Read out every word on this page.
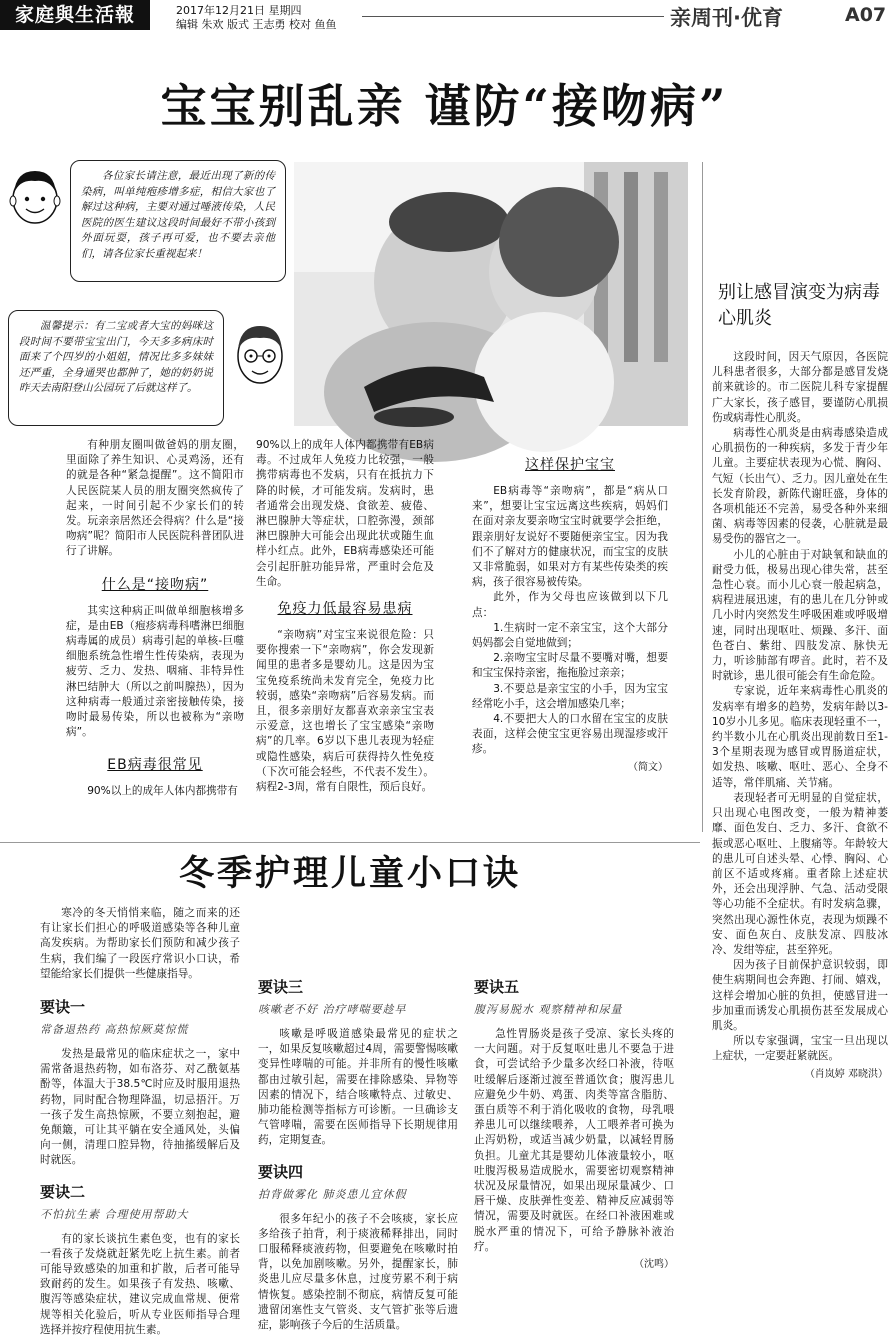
家庭與生活報	2017年12月21日 星期四
编辑 朱欢 版式 王志勇 校对 鱼鱼	亲周刊·优育	A07
宝宝别乱亲 谨防“接吻病”

各位家长请注意，最近出现了新的传染病，叫单纯疱疹增多症，相信大家也了解过这种病，主要对通过唾液传染，人民医院的医生建议这段时间最好不带小孩到外面玩耍，孩子再可爱，也不要去亲他们，请各位家长重视起来！

温馨提示：有二宝或者大宝的妈咪这段时间不要带宝宝出门，今天多多病床时面来了个四岁的小姐姐，情况比多多妹妹还严重，全身通哭也都肿了，她的奶奶说昨天去南阳登山公园玩了后就这样了。

有种朋友圈叫做爸妈的朋友圈，里面除了养生知识、心灵鸡汤，还有的就是各种“紧急提醒”。这不简阳市人民医院某人员的朋友圈突然疯传了起来，一时间引起不少家长们的转发。玩亲亲居然还会得病？什么是“接吻病”呢？简阳市人民医院科普团队进行了讲解。

什么是“接吻病”

其实这种病正叫做单细胞核增多症，是由EB（疱疹病毒科嗜淋巴细胞病毒属的成员）病毒引起的单核-巨噬细胞系统急性增生性传染病，表现为疲劳、乏力、发热、咽痛、非特异性淋巴结肿大（所以之前叫腺热），因为这种病毒一般通过亲密接触传染，接吻时最易传染，所以也被称为“亲吻病”。

EB病毒很常见

90%以上的成年人体内都携带有

90%以上的成年人体内都携带有EB病毒。不过成年人免疫力比较强，一般携带病毒也不发病，只有在抵抗力下降的时候，才可能发病。发病时，患者通常会出现发烧、食欲差、疲倦、淋巴腺肿大等症状，口腔弥漫，颈部淋巴腺肿大可能会出现此状或随生血样小红点。此外，EB病毒感染还可能会引起肝脏功能异常，严重时会危及生命。

免疫力低最容易患病

“亲吻病”对宝宝来说很危险：只要你搜索一下“亲吻病”，你会发现新闻里的患者多是婴幼儿。这是因为宝宝免疫系统尚未发育完全，免疫力比较弱，感染“亲吻病”后容易发病。而且，很多亲朋好友都喜欢亲亲宝宝表示爱意，这也增长了宝宝感染“亲吻病”的几率。6岁以下患儿表现为轻症或隐性感染，病后可获得持久性免疫（下次可能会轻些，不代表不发生）。病程2-3周，常有自限性，预后良好。

这样保护宝宝

EB病毒等“亲吻病”，都是“病从口来”，想要让宝宝远离这些疾病，妈妈们在面对亲友要亲吻宝宝时就要学会拒绝，跟亲朋好友说好不要随便亲宝宝。因为我们不了解对方的健康状况，而宝宝的皮肤又非常脆弱，如果对方有某些传染类的疾病，孩子很容易被传染。

此外，作为父母也应该做到以下几点：

1.生病时一定不亲宝宝，这个大部分妈妈都会自觉地做到；

2.亲吻宝宝时尽量不要嘴对嘴，想要和宝宝保持亲密，拖拖脸过亲亲；

3.不要总是亲宝宝的小手，因为宝宝经常吃小手，这会增加感染几率；

4.不要把大人的口水留在宝宝的皮肤表面，这样会使宝宝更容易出现湿疹或汗疹。

（简文）
别让感冒演变为病毒心肌炎

这段时间，因天气原因，各医院儿科患者很多，大部分都是感冒发烧前来就诊的。市二医院儿科专家提醒广大家长，孩子感冒，要谨防心肌损伤或病毒性心肌炎。

病毒性心肌炎是由病毒感染造成心肌损伤的一种疾病，多发于青少年儿童。主要症状表现为心慌、胸闷、气短（长出气）、乏力。因儿童处在生长发育阶段，新陈代谢旺盛，身体的各项机能还不完善，易受各种外来细菌、病毒等因素的侵袭，心脏就是最易受伤的器官之一。

小儿的心脏由于对缺氧和缺血的耐受力低，极易出现心律失常，甚至急性心衰。而小儿心衰一般起病急，病程进展迅速，有的患儿在几分钟或几小时内突然发生呼吸困难或呼吸增速，同时出现呕吐、烦躁、多汗、面色苍白、紫绀、四肢发凉、脉快无力，听诊肺部有啰音。此时，若不及时就诊，患儿很可能会有生命危险。

专家说，近年来病毒性心肌炎的发病率有增多的趋势，发病年龄以3-10岁小儿多见。临床表现轻重不一，约半数小儿在心肌炎出现前数日至1-3个星期表现为感冒或胃肠道症状，如发热、咳嗽、呕吐、恶心、全身不适等，常伴肌痛、关节痛。

表现轻者可无明显的自觉症状，只出现心电图改变，一般为精神萎靡、面色发白、乏力、多汗、食欲不振或恶心呕吐、上腹痛等。年龄较大的患儿可自述头晕、心悸、胸闷、心前区不适或疼痛。重者除上述症状外，还会出现浮肿、气急、活动受限等心功能不全症状。有时发病急骤，突然出现心源性休克，表现为烦躁不安、面色灰白、皮肤发凉、四肢冰冷、发绀等症，甚至猝死。

因为孩子目前保护意识较弱，即使生病期间也会奔跑、打闹、嬉戏，这样会增加心脏的负担，使感冒进一步加重而诱发心肌损伤甚至发展成心肌炎。

所以专家强调，宝宝一旦出现以上症状，一定要赶紧就医。

（肖岚婷 邓晓洪）
冬季护理儿童小口诀

寒冷的冬天悄悄来临，随之而来的还有让家长们担心的呼吸道感染等各种儿童高发疾病。为帮助家长们预防和减少孩子生病，我们编了一段医疗常识小口诀，希望能给家长们提供一些健康指导。

要诀一

常备退热药 高热惊厥莫惊慌

发热是最常见的临床症状之一，家中需常备退热药物，如布洛芬、对乙酰氨基酚等，体温大于38.5℃时应及时服用退热药物，同时配合物理降温，切忌捂汗。万一孩子发生高热惊厥，不要立刻抱起，避免颠簸，可让其平躺在安全通风处，头偏向一侧，清理口腔异物，待抽搐缓解后及时就医。

要诀二

不怕抗生素 合理使用帮助大

有的家长谈抗生素色变，也有的家长一看孩子发烧就赶紧先吃上抗生素。前者可能导致感染的加重和扩散，后者可能导致耐药的发生。如果孩子有发热、咳嗽、腹泻等感染症状，建议完成血常规、便常规等相关化验后，听从专业医师指导合理选择并按疗程使用抗生素。

要诀三

咳嗽老不好 治疗哮喘要趁早

咳嗽是呼吸道感染最常见的症状之一，如果反复咳嗽超过4周，需要警惕咳嗽变异性哮喘的可能。并非所有的慢性咳嗽都由过敏引起，需要在排除感染、异物等因素的情况下，结合咳嗽特点、过敏史、肺功能检测等指标方可诊断。一旦确诊支气管哮喘，需要在医师指导下长期规律用药，定期复查。

要诀四

拍背做雾化 肺炎患儿宜休假

很多年纪小的孩子不会咳痰，家长应多给孩子拍背，利于痰液稀释排出，同时口服稀释痰液药物，但要避免在咳嗽时拍背，以免加剧咳嗽。另外，提醒家长，肺炎患儿应尽量多休息，过度劳累不利于病情恢复。感染控制不彻底，病情反复可能遗留闭塞性支气管炎、支气管扩张等后遗症，影响孩子今后的生活质量。

要诀五

腹泻易脱水 观察精神和尿量

急性胃肠炎是孩子受凉、家长头疼的一大问题。对于反复呕吐患儿不要急于进食，可尝试给予少量多次经口补液，待呕吐缓解后逐渐过渡至普通饮食；腹泻患儿应避免少牛奶、鸡蛋、肉类等富含脂肪、蛋白质等不利于消化吸收的食物，母乳喂养患儿可以继续喂养，人工喂养者可换为止泻奶粉，或适当减少奶量，以减轻胃肠负担。儿童尤其是婴幼儿体液量较小，呕吐腹泻极易造成脱水，需要密切观察精神状况及尿量情况，如果出现尿量减少、口唇干燥、皮肤弹性变差、精神反应减弱等情况，需要及时就医。在经口补液困难或脱水严重的情况下，可给予静脉补液治疗。

（沈鸣）
